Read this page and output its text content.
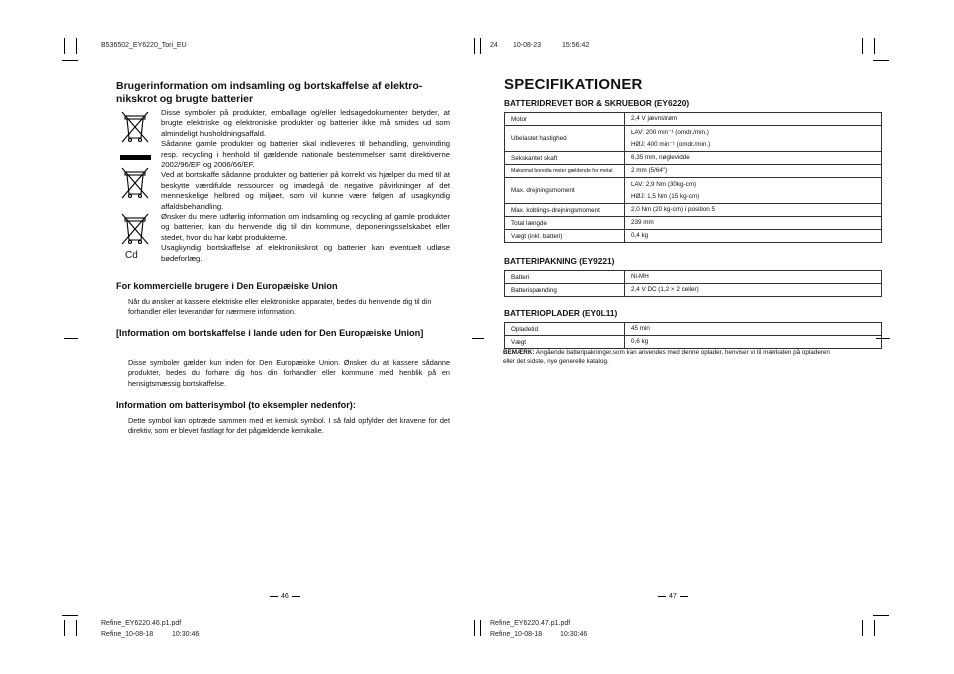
B536502_EY6220_Tori_EU	24 10-08-23	15:56:42
Brugerinformation om indsamling og bortskaffelse af elektro-nikskrot og brugte batterier
Cd
Disse symboler på produkter, emballage og/eller ledsagedokumenter betyder, at brugte elektriske og elektroniske produkter og batterier ikke må smides ud som almindeligt husholdningsaffald.
Sådanne gamle produkter og batterier skal indleveres til behandling, genvinding resp. recycling i henhold til gældende nationale bestemmelser samt direktiverne 2002/96/EF og 2006/66/EF.
Ved at bortskaffe sådanne produkter og batterier på korrekt vis hjælper du med til at beskytte værdifulde ressourcer og imødegå de negative påvirkninger af det menneskelige helbred og miljøet, som vil kunne være følgen af usagkyndig affaldsbehandling.
Ønsker du mere udførlig information om indsamling og recycling af gamle produkter og batterier, kan du henvende dig til din kommune, deponeringsselskabet eller stedet, hvor du har købt produkterne.
Usagkyndig bortskaffelse af elektronikskrot og batterier kan eventuelt udløse bødeforlæg.
For kommercielle brugere i Den Europæiske Union
Når du ønsker at kassere elektriske eller elektroniske apparater, bedes du henvende dig til din forhandler eller leverandør for nærmere information.
[Information om bortskaffelse i lande uden for Den Europæiske Union]
Disse symboler gælder kun inden for Den Europæiske Union. Ønsker du at kassere sådanne produkter, bedes du forhøre dig hos din forhandler eller kommune med henblik på en hensigtsmæssig bortskaffelse.
Information om batterisymbol (to eksempler nedenfor):
Dette symbol kan optræde sammen med et kemisk symbol. I så fald opfylder det kravene for det direktiv, som er blevet fastlagt for det pågældende kemikalie.
46
SPECIFIKATIONER
BATTERIDREVET BOR & SKRUEBOR (EY6220)
Motor	2,4 V jævnstrøm

Ubelastet hastighed	LAV: 200 min⁻¹ (omdr./min.)
HØJ: 400 min⁻¹ (omdr./min.)

Sekskantet skaft	6,35 mm, nøglevidde

Maksimal boredia meter gældende for metal	2 mm (5/64")

Max. drejningsmoment	LAV: 2,9 Nm (30kg-cm)
HØJ: 1,5 Nm (15 kg-cm)

Max. koblings-drejningsmoment	2,0 Nm (20 kg-cm) i position 5

Total længde	239 mm

Vægt (inkl. batteri)	0,4 kg
BATTERIPAKNING (EY9221)
Batteri	Ni-MH

Batterispænding	2,4 V DC (1,2 × 2 celler)
BATTERIOPLADER (EY0L11)
Opladetid	45 min

Vægt	0,6 kg
BEMÆRK: Angående batteripakninger,som kan anvendes med denne oplader, henviser vi til mærkaten på opladeren eller det sidste, nye generelle katalog.
47
Refine_EY6220.46.p1.pdf
Refine_10-08-18	10:30:46
Refine_EY6220.47.p1.pdf
Refine_10-08-18	10:30:46
